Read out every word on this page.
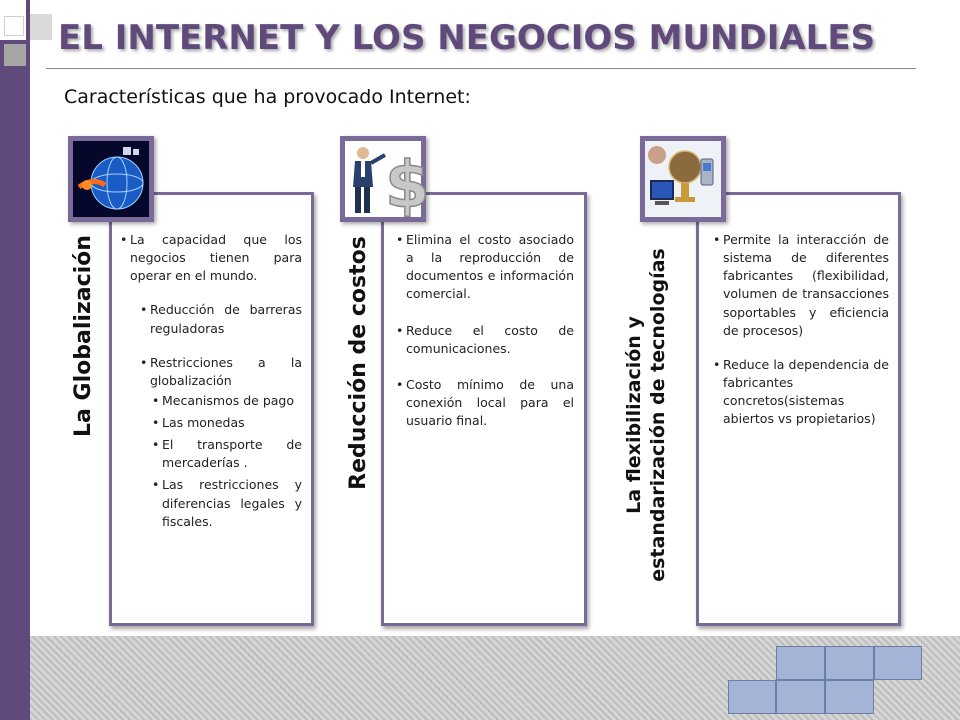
EL INTERNET Y LOS NEGOCIOS MUNDIALES
Características que ha provocado Internet:
• La capacidad que los negocios tienen para operar en el mundo.
• Reducción de barreras reguladoras
• Restricciones a la globalización
• Mecanismos de pago
• Las monedas
• El transporte de mercaderías .
• Las restricciones y diferencias legales y fiscales.
La Globalización
•	Elimina el costo asociado a la reproducción de documentos e información comercial.
• Reduce el costo de comunicaciones.
• Costo mínimo de una conexión local para el usuario final.
Reducción de costos
$
• Permite la interacción de sistema de diferentes fabricantes (flexibilidad, volumen de transacciones soportables y eficiencia de procesos)
• Reduce la dependencia de fabricantes concretos(sistemas abiertos vs propietarios)
La flexibilización y estandarización de tecnologías
